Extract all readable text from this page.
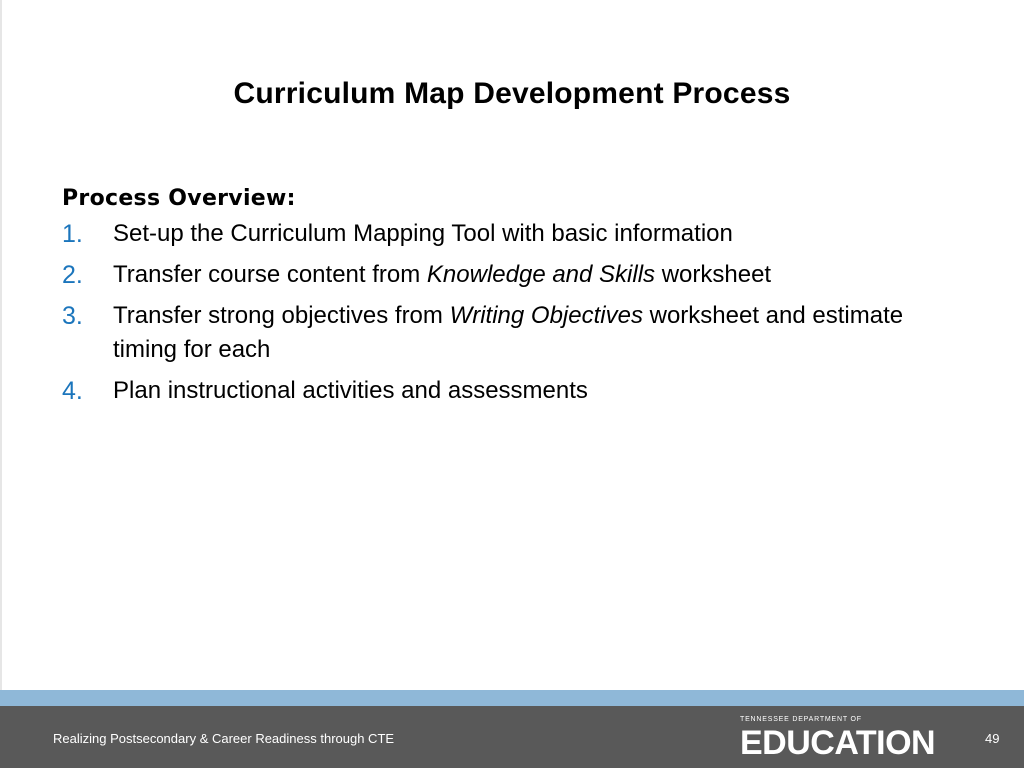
Curriculum Map Development Process
Process Overview:
1. Set-up the Curriculum Mapping Tool with basic information
2. Transfer course content from Knowledge and Skills worksheet
3. Transfer strong objectives from Writing Objectives worksheet and estimate timing for each
4. Plan instructional activities and assessments
Realizing Postsecondary & Career Readiness through CTE
TENNESSEE DEPARTMENT OF
EDUCATION	49
